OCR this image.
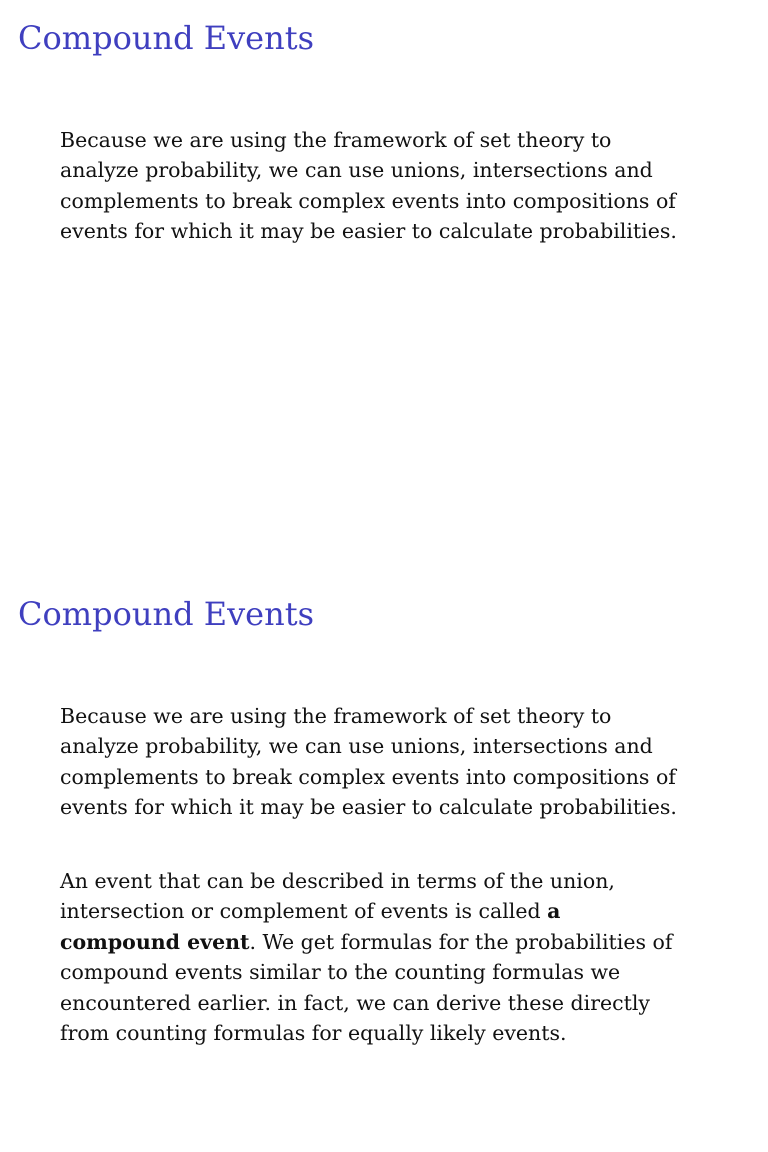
Compound Events

Because we are using the framework of set theory to
analyze probability, we can use unions, intersections and
complements to break complex events into compositions of
events for which it may be easier to calculate probabilities.

Compound Events

Because we are using the framework of set theory to
analyze probability, we can use unions, intersections and
complements to break complex events into compositions of
events for which it may be easier to calculate probabilities.

An event that can be described in terms of the union,
intersection or complement of events is called a
compound event. We get formulas for the probabilities of
compound events similar to the counting formulas we
encountered earlier. in fact, we can derive these directly
from counting formulas for equally likely events.
